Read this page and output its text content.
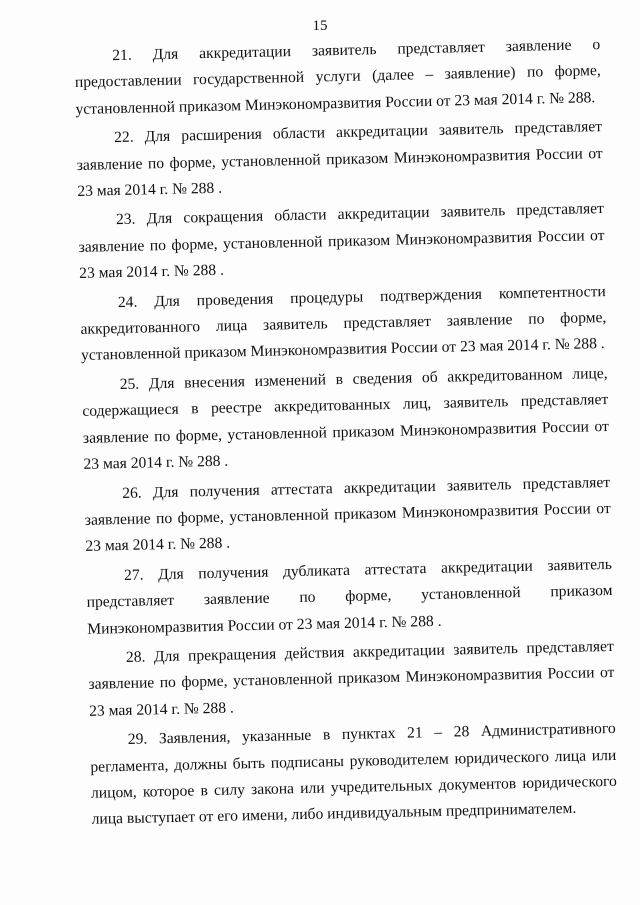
15

21. Для аккредитации заявитель представляет заявление о предоставлении государственной услуги (далее – заявление) по форме, установленной приказом Минэкономразвития России от 23 мая 2014 г. № 288.

22. Для расширения области аккредитации заявитель представляет заявление по форме, установленной приказом Минэкономразвития России от 23 мая 2014 г. № 288 .

23. Для сокращения области аккредитации заявитель представляет заявление по форме, установленной приказом Минэкономразвития России от 23 мая 2014 г. № 288 .

24. Для проведения процедуры подтверждения компетентности аккредитованного лица заявитель представляет заявление по форме, установленной приказом Минэкономразвития России от 23 мая 2014 г. № 288 .

25. Для внесения изменений в сведения об аккредитованном лице, содержащиеся в реестре аккредитованных лиц, заявитель представляет заявление по форме, установленной приказом Минэкономразвития России от 23 мая 2014 г. № 288 .

26. Для получения аттестата аккредитации заявитель представляет заявление по форме, установленной приказом Минэкономразвития России от 23 мая 2014 г. № 288 .

27. Для получения дубликата аттестата аккредитации заявитель представляет заявление по форме, установленной приказом Минэкономразвития России от 23 мая 2014 г. № 288 .

28. Для прекращения действия аккредитации заявитель представляет заявление по форме, установленной приказом Минэкономразвития России от 23 мая 2014 г. № 288 .

29. Заявления, указанные в пунктах 21 – 28 Административного регламента, должны быть подписаны руководителем юридического лица или лицом, которое в силу закона или учредительных документов юридического лица выступает от его имени, либо индивидуальным предпринимателем.
